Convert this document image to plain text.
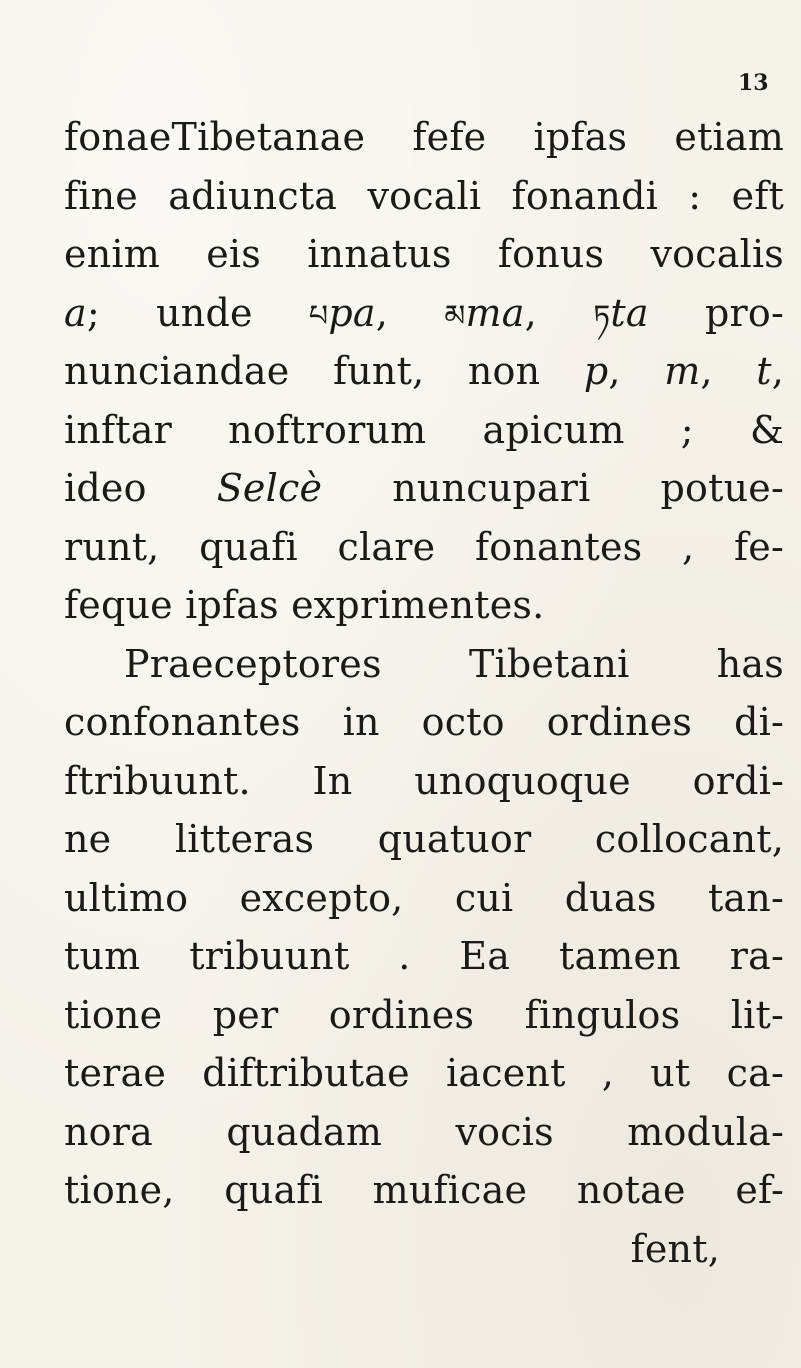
13
fonaeTibetanae fefe ipfas etiam
fine adiuncta vocali fonandi : eft
enim eis innatus fonus vocalis
a; unde པpa, མma, ཏta pro-
nunciandae funt, non p, m, t,
inftar noftrorum apicum ; &
ideo Selcè nuncupari potue-
runt, quafi clare fonantes , fe-
feque ipfas exprimentes.
Praeceptores Tibetani has
confonantes in octo ordines di-
ftribuunt. In unoquoque ordi-
ne litteras quatuor collocant,
ultimo excepto, cui duas tan-
tum tribuunt . Ea tamen ra-
tione per ordines fingulos lit-
terae diftributae iacent , ut ca-
nora quadam vocis modula-
tione, quafi muficae notae ef-
fent,
